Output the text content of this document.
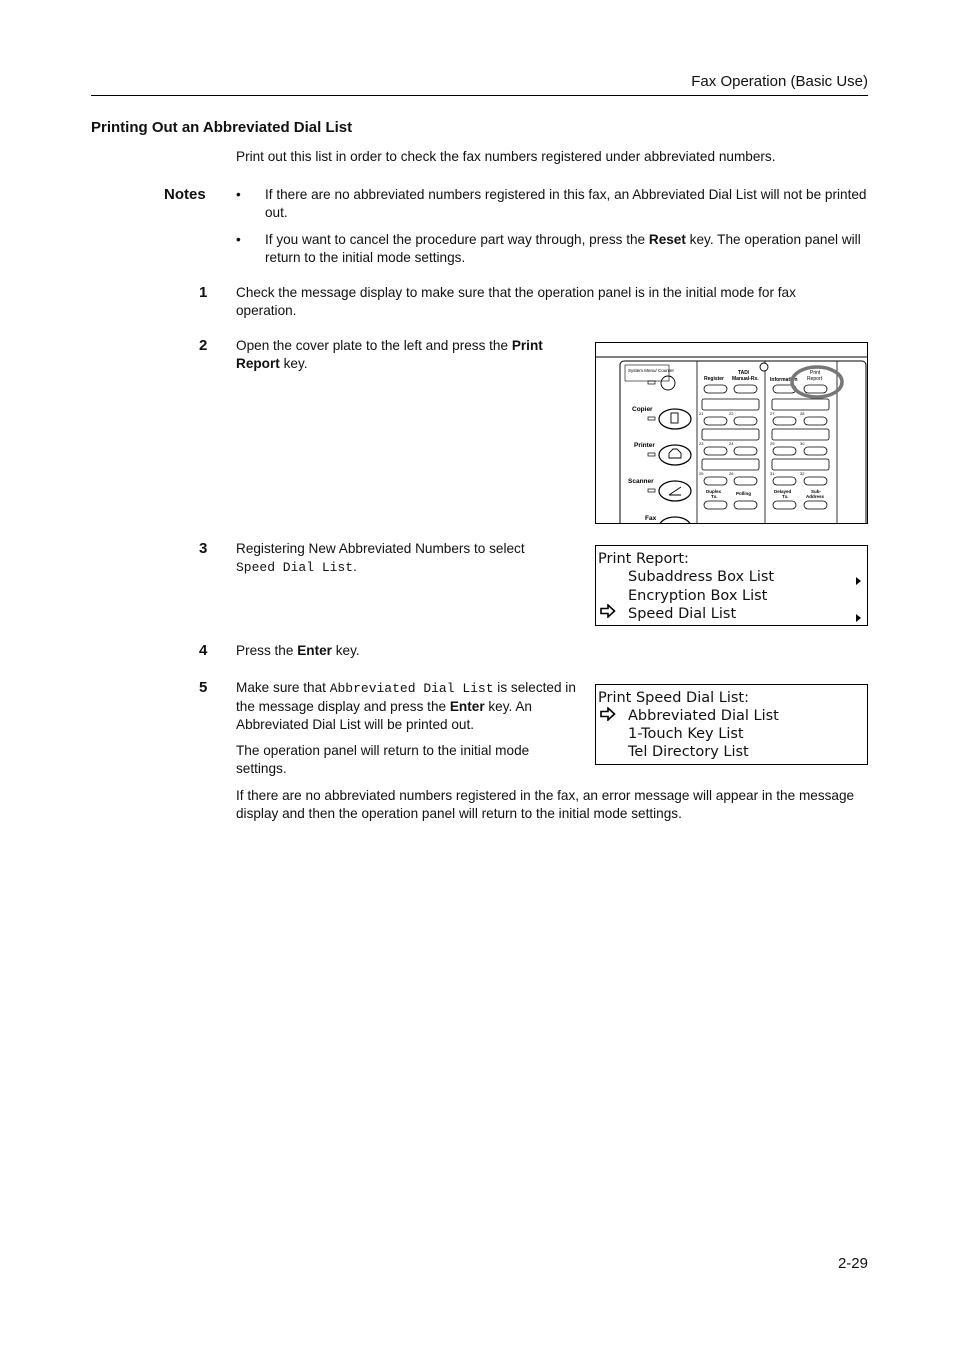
Fax Operation (Basic Use)
Printing Out an Abbreviated Dial List
Print out this list in order to check the fax numbers registered under abbreviated numbers.
Notes • If there are no abbreviated numbers registered in this fax, an Abbreviated Dial List will not be printed out.
• If you want to cancel the procedure part way through, press the Reset key. The operation panel will return to the initial mode settings.
1 Check the message display to make sure that the operation panel is in the initial mode for fax operation.
2 Open the cover plate to the left and press the Print Report key.	System Menu/ Counter
Copier
Printer
Scanner
Fax
Register
TAD/
Manual-Rx. Information
Print
Report
21	22	27	28
23	24	29	30
25	26	31	32
Duplex
Tx.
Polling	Delayed
Tx.
Sub-
Address
3 Registering New Abbreviated Numbers to select
Speed Dial List.	Print Report:
Subaddress Box List
Encryption Box List
Speed Dial List
4 Press the Enter key.
5 Make sure that Abbreviated Dial List is selected in the message display and press the Enter key. An Abbreviated Dial List will be printed out.
The operation panel will return to the initial mode settings.
If there are no abbreviated numbers registered in the fax, an error message will appear in the message display and then the operation panel will return to the initial mode settings.
Print Speed Dial List:
Abbreviated Dial List
1-Touch Key List
Tel Directory List
2-29
